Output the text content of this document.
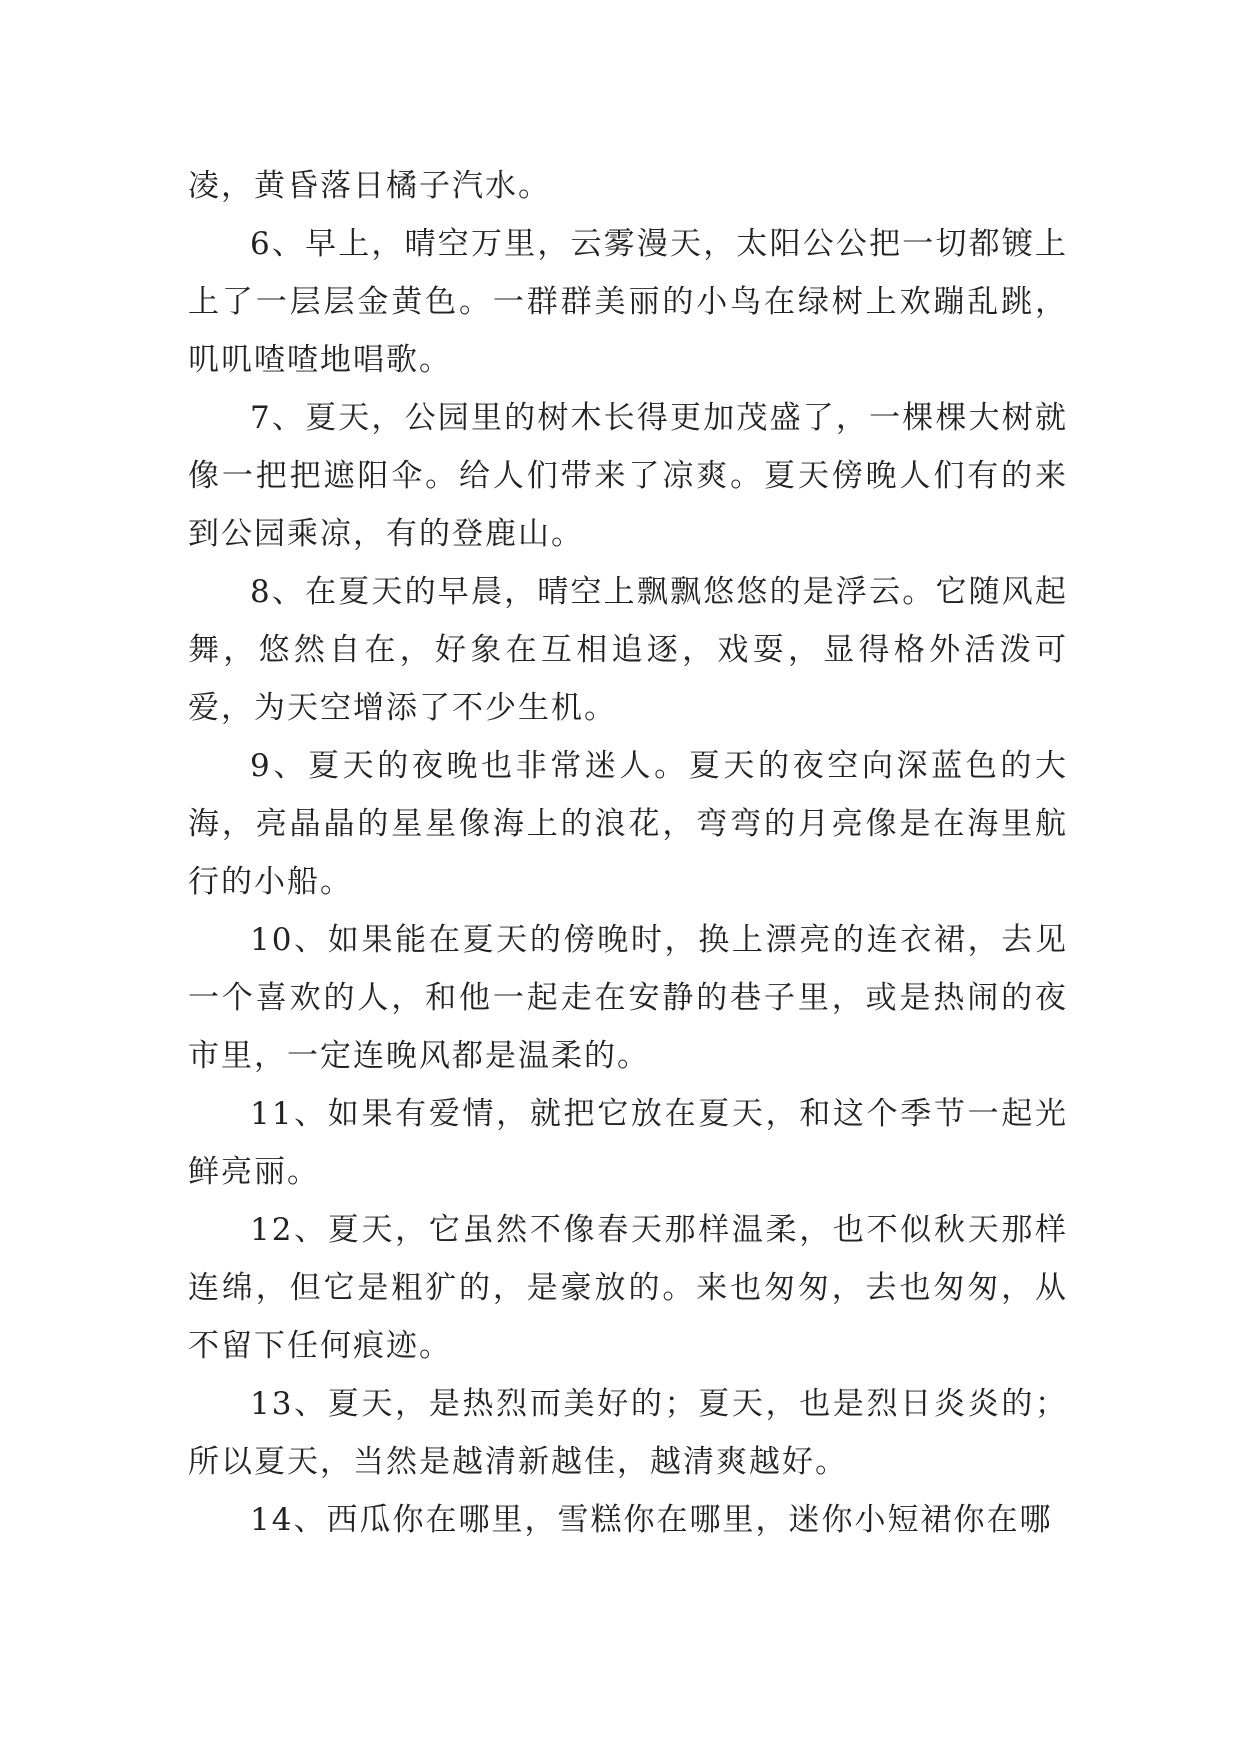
凌，黄昏落日橘子汽水。

6、早上，晴空万里，云雾漫天，太阳公公把一切都镀上上了一层层金黄色。一群群美丽的小鸟在绿树上欢蹦乱跳，叽叽喳喳地唱歌。

7、夏天，公园里的树木长得更加茂盛了，一棵棵大树就像一把把遮阳伞。给人们带来了凉爽。夏天傍晚人们有的来到公园乘凉，有的登鹿山。

8、在夏天的早晨，晴空上飘飘悠悠的是浮云。它随风起舞，悠然自在，好象在互相追逐，戏耍，显得格外活泼可爱，为天空增添了不少生机。

9、夏天的夜晚也非常迷人。夏天的夜空向深蓝色的大海，亮晶晶的星星像海上的浪花，弯弯的月亮像是在海里航行的小船。

10、如果能在夏天的傍晚时，换上漂亮的连衣裙，去见一个喜欢的人，和他一起走在安静的巷子里，或是热闹的夜市里，一定连晚风都是温柔的。

11、如果有爱情，就把它放在夏天，和这个季节一起光鲜亮丽。

12、夏天，它虽然不像春天那样温柔，也不似秋天那样连绵，但它是粗犷的，是豪放的。来也匆匆，去也匆匆，从不留下任何痕迹。

13、夏天，是热烈而美好的；夏天，也是烈日炎炎的；所以夏天，当然是越清新越佳，越清爽越好。

14、西瓜你在哪里，雪糕你在哪里，迷你小短裙你在哪
